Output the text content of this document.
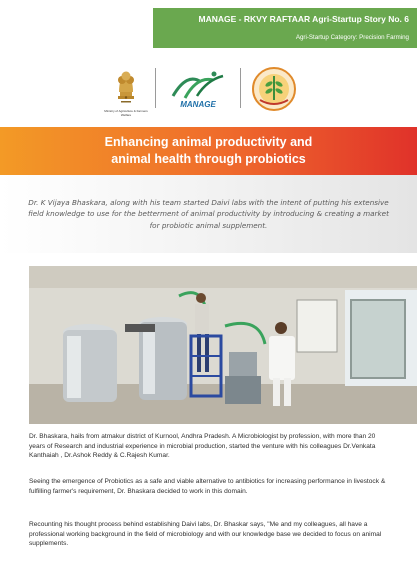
MANAGE - RKVY RAFTAAR Agri-Startup Story No. 6
Agri-Startup Category: Precision Farming
Ministry of Agriculture & Farmers Welfare
MANAGE
Enhancing animal productivity and
animal health through probiotics

Dr. K Vijaya Bhaskara, along with his team started Daivi labs with the intent of putting his extensive field knowledge to use for the betterment of animal productivity by introducing & creating a market for probiotic animal supplement.

Dr. Bhaskara, hails from atmakur district of Kurnool, Andhra Pradesh. A Microbiologist by profession, with more than 20 years of Research and industrial experience in microbial production, started the venture with his colleagues Dr.Venkata Kanthaiah , Dr.Ashok Reddy & C.Rajesh Kumar.

Seeing the emergence of Probiotics as a safe and viable alternative to antibiotics for increasing performance in livestock & fulfilling farmer's requirement, Dr. Bhaskara decided to work in this domain.

Recounting his thought process behind establishing Daivi labs, Dr. Bhaskar says, "Me and my colleagues, all have a professional working background in the field of microbiology and with our knowledge base we decided to focus on animal supplements.
